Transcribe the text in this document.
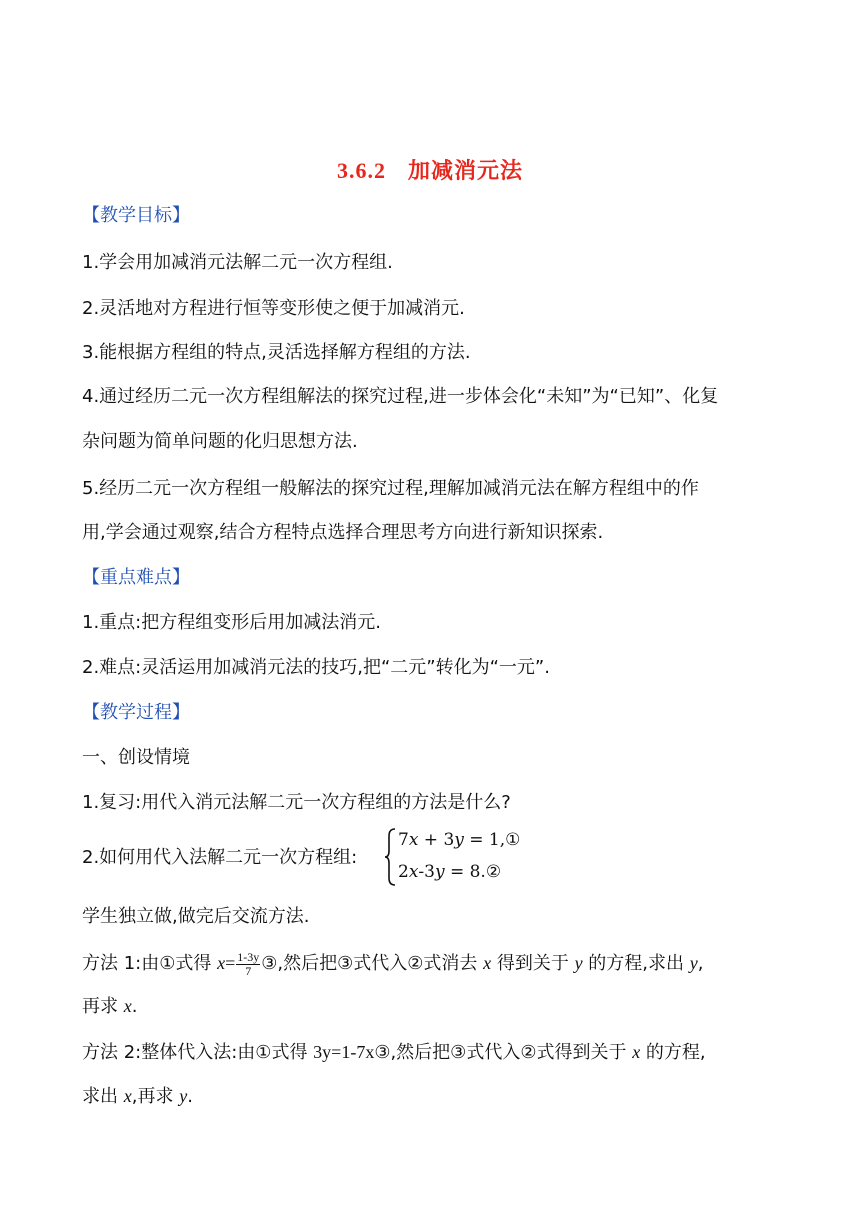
3.6.2 加减消元法
【教学目标】
1.学会用加减消元法解二元一次方程组.
2.灵活地对方程进行恒等变形使之便于加减消元.
3.能根据方程组的特点,灵活选择解方程组的方法.
4.通过经历二元一次方程组解法的探究过程,进一步体会化“未知”为“已知”、化复
杂问题为简单问题的化归思想方法.
5.经历二元一次方程组一般解法的探究过程,理解加减消元法在解方程组中的作
用,学会通过观察,结合方程特点选择合理思考方向进行新知识探索.
【重点难点】
1.重点:把方程组变形后用加减法消元.
2.难点:灵活运用加减消元法的技巧,把“二元”转化为“一元”.
【教学过程】
一、创设情境
1.复习:用代入消元法解二元一次方程组的方法是什么?
2.如何用代入法解二元一次方程组:
7𝑥 + 3𝑦 = 1,①
2𝑥-3𝑦 = 8.②
学生独立做,做完后交流方法.
方法 1:由①式得 $x= \frac{1-3y}{7}$ ③,然后把③式代入②式消去 x 得到关于 y 的方程,求出 y,
再求 x.
方法 2:整体代入法:由①式得 3y=1-7x③,然后把③式代入②式得到关于 x 的方程,
求出 x,再求 y.
